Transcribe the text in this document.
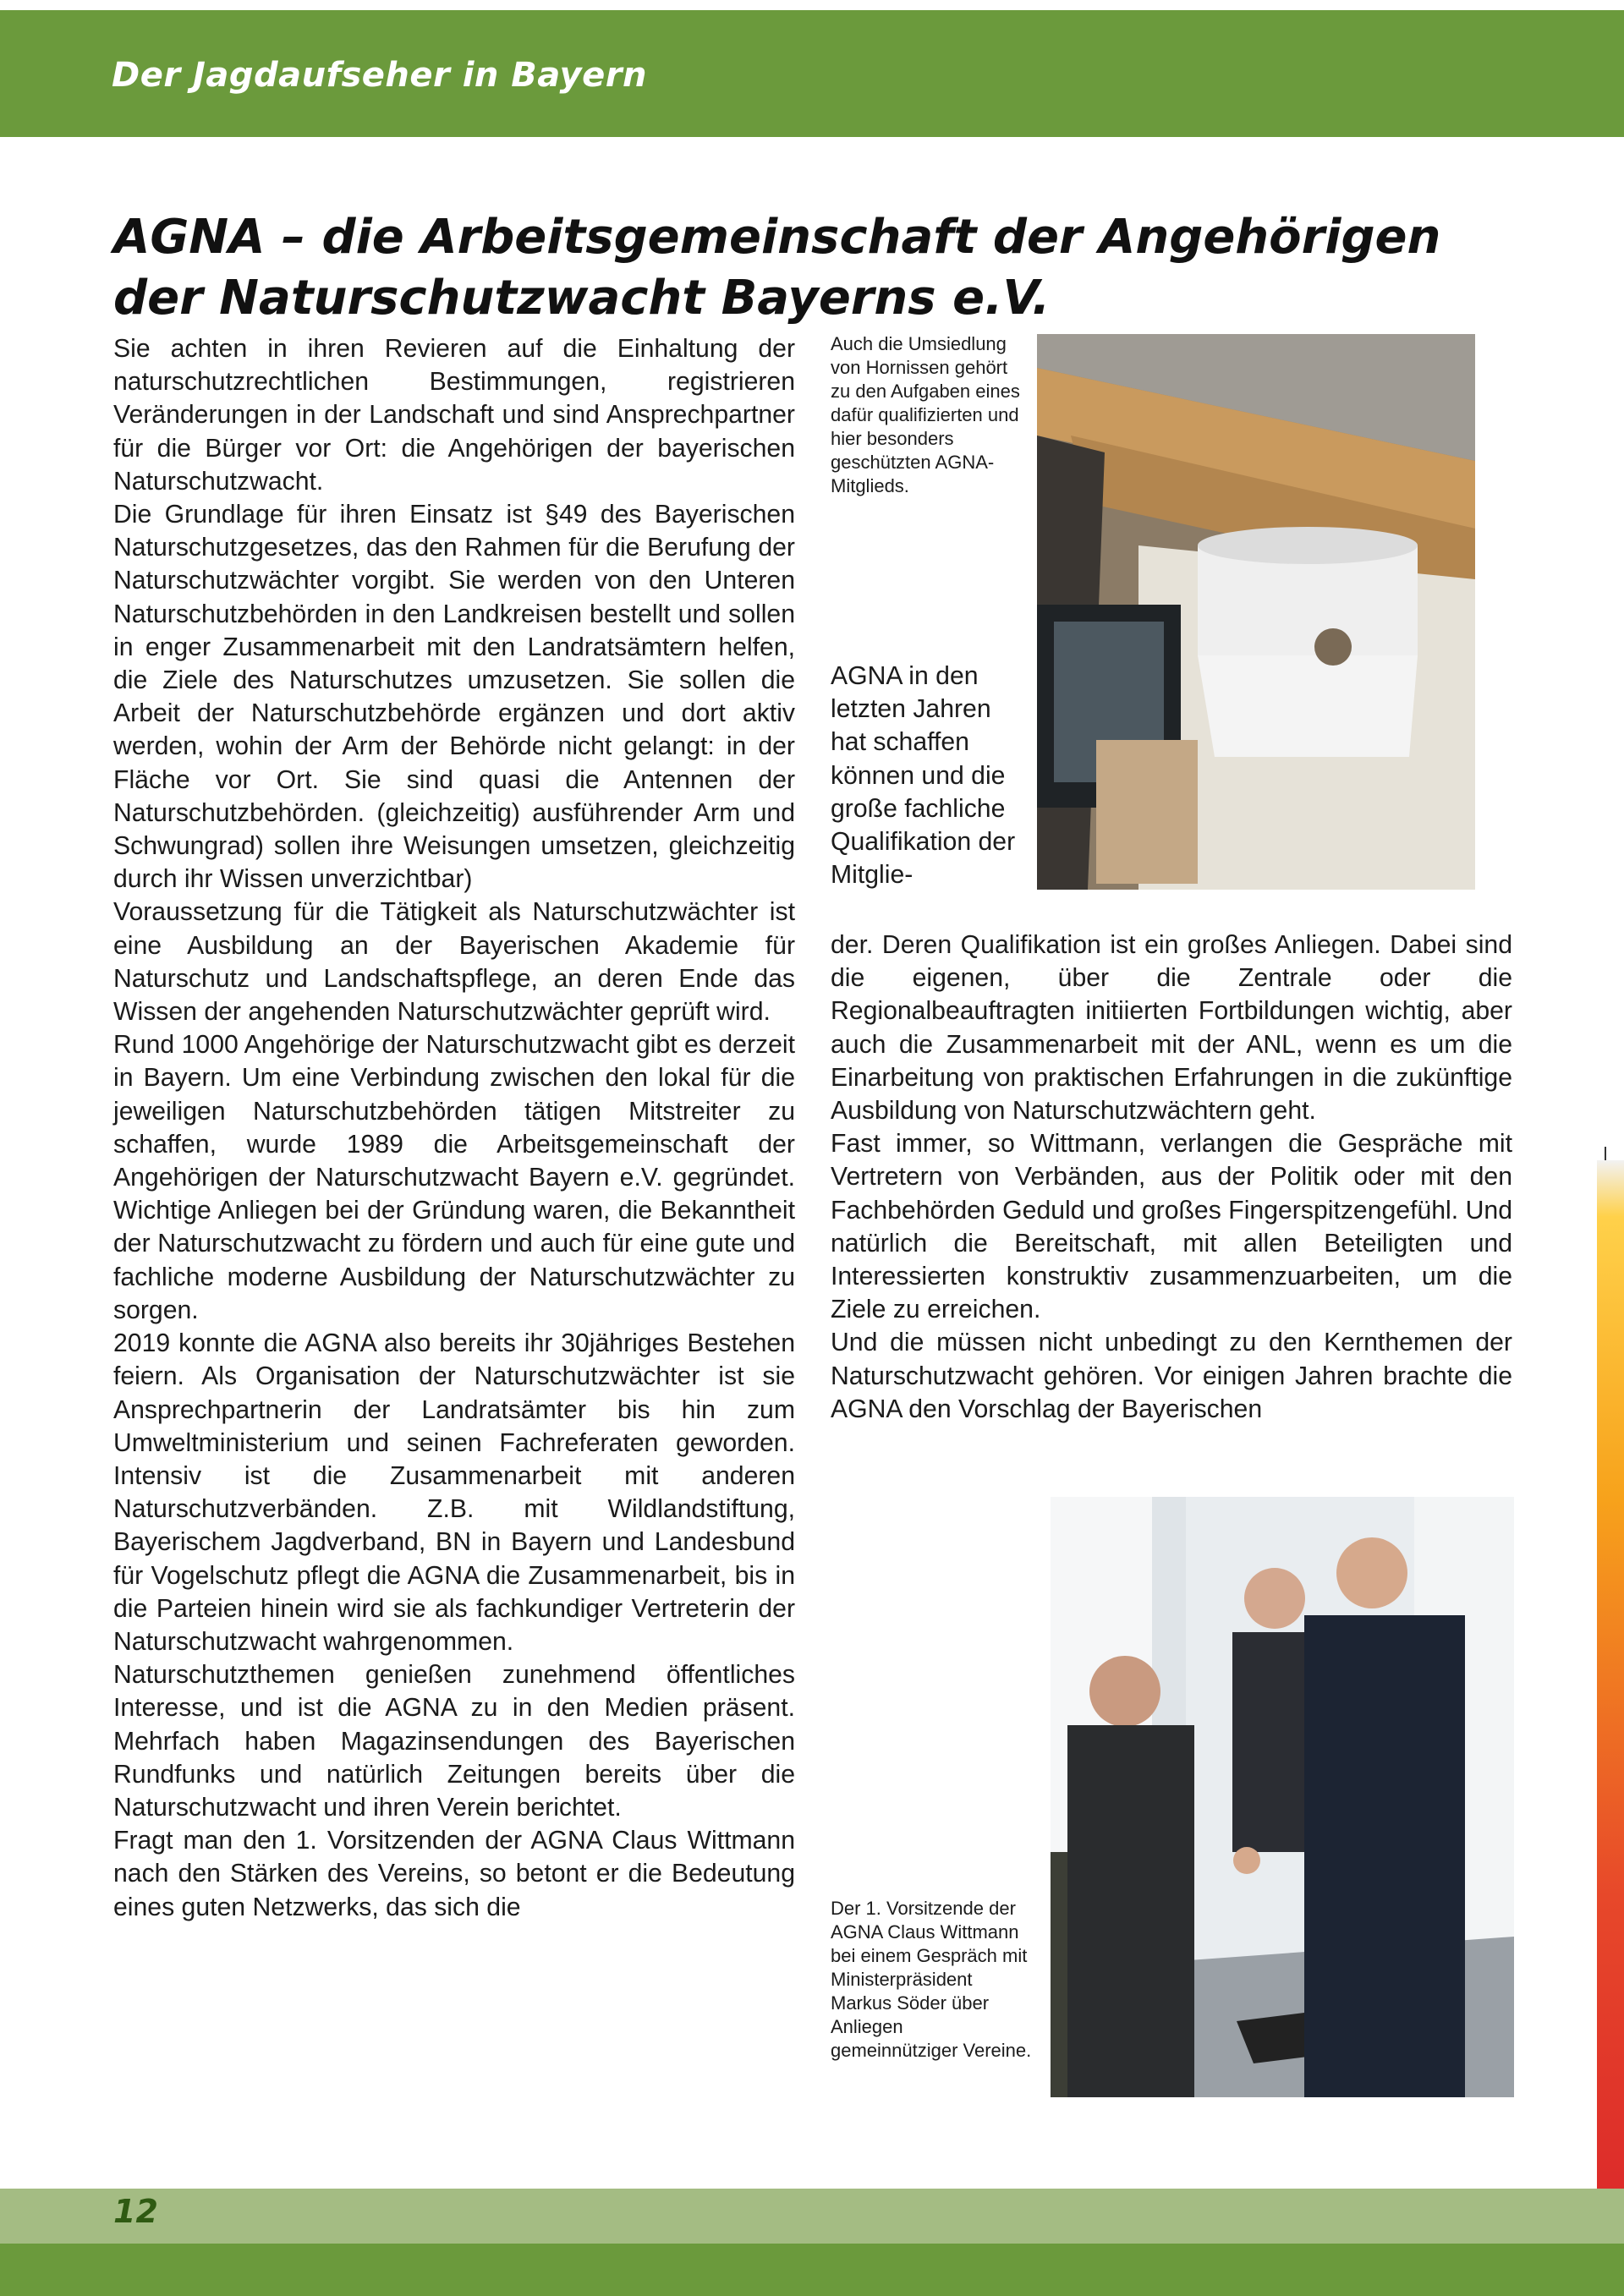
Der Jagdaufseher in Bayern
AGNA – die Arbeitsgemeinschaft der Angehörigen der Naturschutzwacht Bayerns e.V.

Sie achten in ihren Revieren auf die Einhaltung der naturschutzrechtlichen Bestimmungen, registrieren Veränderungen in der Landschaft und sind Ansprechpartner für die Bürger vor Ort: die Angehörigen der bayerischen Naturschutzwacht.

Die Grundlage für ihren Einsatz ist §49 des Bayerischen Naturschutzgesetzes, das den Rahmen für die Berufung der Naturschutzwächter vorgibt. Sie werden von den Unteren Naturschutzbehörden in den Landkreisen bestellt und sollen in enger Zusammenarbeit mit den Landratsämtern helfen, die Ziele des Naturschutzes umzusetzen. Sie sollen die Arbeit der Naturschutzbehörde ergänzen und dort aktiv werden, wohin der Arm der Behörde nicht gelangt: in der Fläche vor Ort. Sie sind quasi die Antennen der Naturschutzbehörden. (gleichzeitig) ausführender Arm und Schwungrad) sollen ihre Weisungen umsetzen, gleichzeitig durch ihr Wissen unverzichtbar)

Voraussetzung für die Tätigkeit als Naturschutzwächter ist eine Ausbildung an der Bayerischen Akademie für Naturschutz und Landschaftspflege, an deren Ende das Wissen der angehenden Naturschutzwächter geprüft wird.

Rund 1000 Angehörige der Naturschutzwacht gibt es derzeit in Bayern. Um eine Verbindung zwischen den lokal für die jeweiligen Naturschutzbehörden tätigen Mitstreiter zu schaffen, wurde 1989 die Arbeitsgemeinschaft der Angehörigen der Naturschutzwacht Bayern e.V. gegründet. Wichtige Anliegen bei der Gründung waren, die Bekanntheit der Naturschutzwacht zu fördern und auch für eine gute und fachliche moderne Ausbildung der Naturschutzwächter zu sorgen.

2019 konnte die AGNA also bereits ihr 30jähriges Bestehen feiern. Als Organisation der Naturschutzwächter ist sie Ansprechpartnerin der Landratsämter bis hin zum Umweltministerium und seinen Fachreferaten geworden. Intensiv ist die Zusammenarbeit mit anderen Naturschutzverbänden. Z.B. mit Wildlandstiftung, Bayerischem Jagdverband, BN in Bayern und Landesbund für Vogelschutz pflegt die AGNA die Zusammenarbeit, bis in die Parteien hinein wird sie als fachkundiger Vertreterin der Naturschutzwacht wahrgenommen.

Naturschutzthemen genießen zunehmend öffentliches Interesse, und ist die AGNA zu in den Medien präsent. Mehrfach haben Magazinsendungen des Bayerischen Rundfunks und natürlich Zeitungen bereits über die Naturschutzwacht und ihren Verein berichtet.

Fragt man den 1. Vorsitzenden der AGNA Claus Wittmann nach den Stärken des Vereins, so betont er die Bedeutung eines guten Netzwerks, das sich die

Auch die Umsiedlung von Hornissen gehört zu den Aufgaben eines dafür qualifizierten und hier besonders geschützten AGNA-Mitglieds.

AGNA in den letzten Jahren hat schaffen können und die große fachliche Qualifikation der Mitglie-

der. Deren Qualifikation ist ein großes Anliegen. Dabei sind die eigenen, über die Zentrale oder die Regionalbeauftragten initiierten Fortbildungen wichtig, aber auch die Zusammenarbeit mit der ANL, wenn es um die Einarbeitung von praktischen Erfahrungen in die zukünftige Ausbildung von Naturschutzwächtern geht.

Fast immer, so Wittmann, verlangen die Gespräche mit Vertretern von Verbänden, aus der Politik oder mit den Fachbehörden Geduld und großes Fingerspitzengefühl. Und natürlich die Bereitschaft, mit allen Beteiligten und Interessierten konstruktiv zusammenzuarbeiten, um die Ziele zu erreichen.

Und die müssen nicht unbedingt zu den Kernthemen der Naturschutzwacht gehören. Vor einigen Jahren brachte die AGNA den Vorschlag der Bayerischen

Der 1. Vorsitzende der AGNA Claus Wittmann bei einem Gespräch mit Ministerpräsident Markus Söder über Anliegen gemeinnütziger Vereine.

12
